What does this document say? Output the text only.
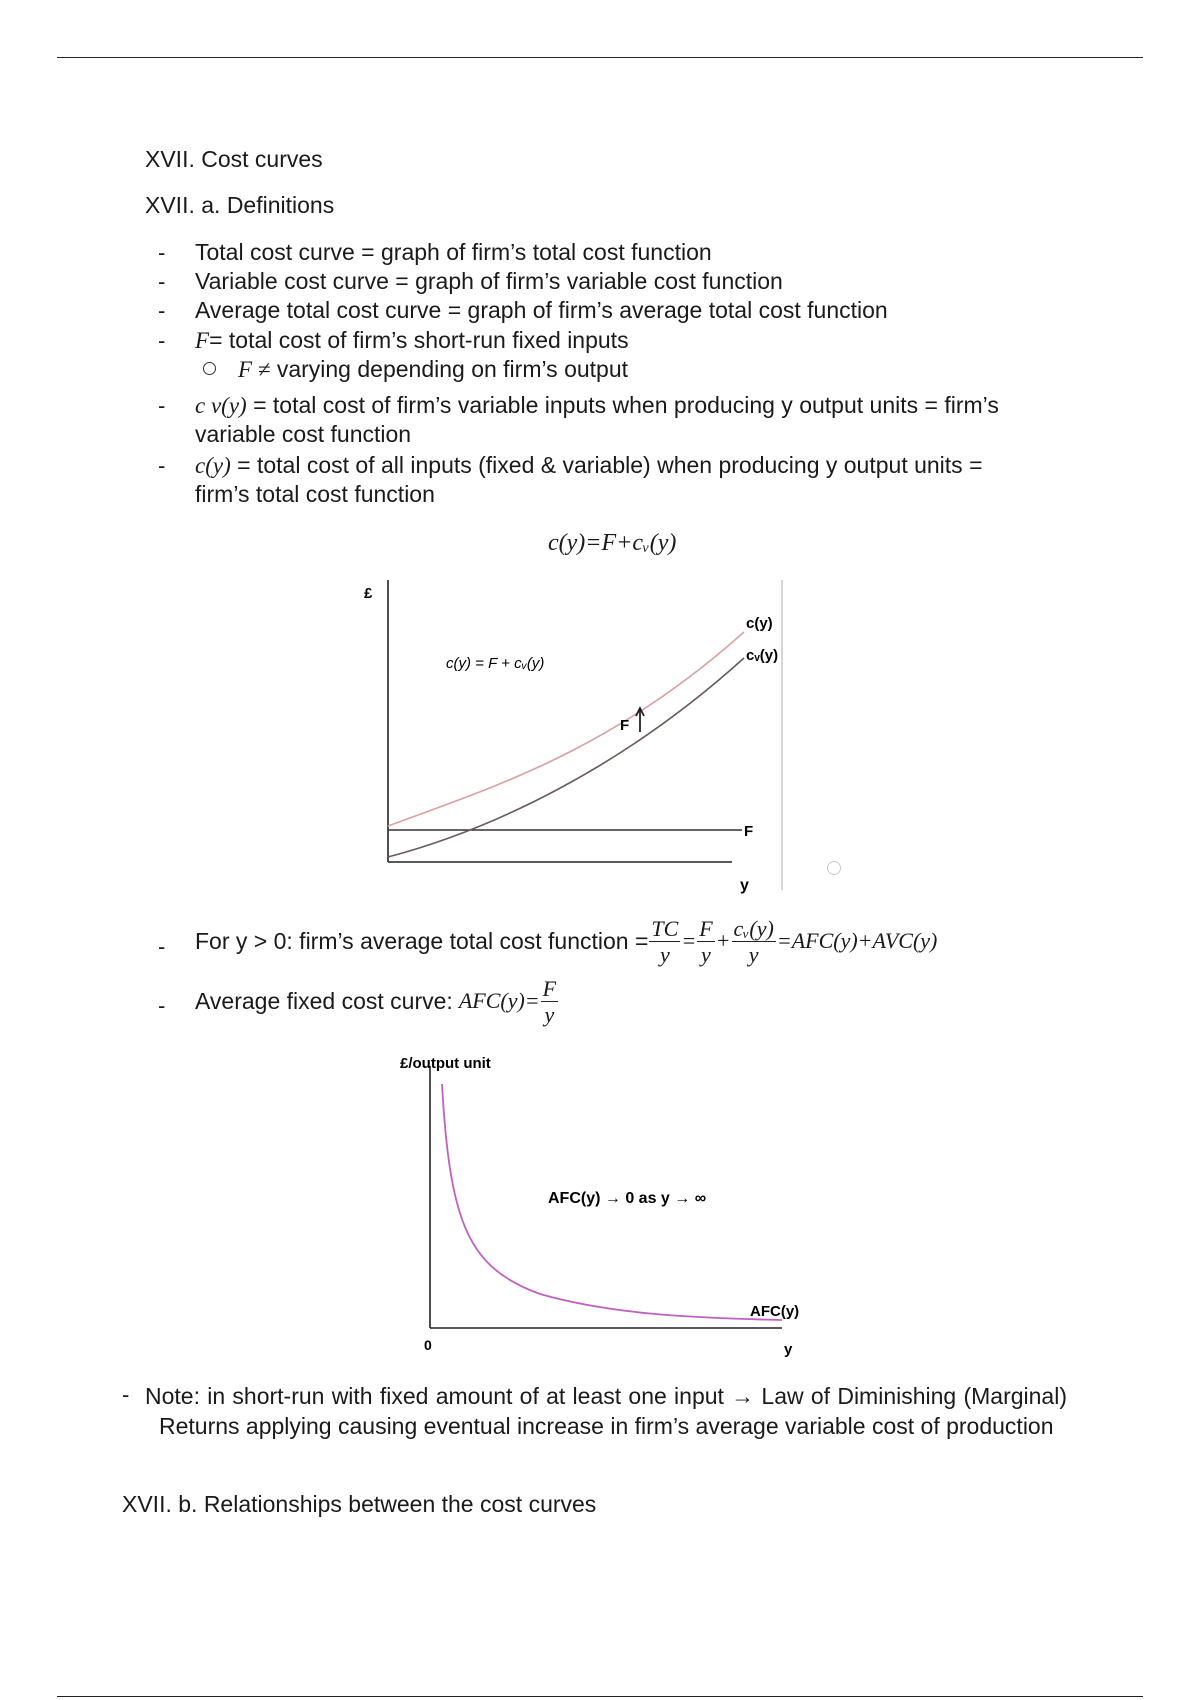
XVII. Cost curves
XVII. a. Definitions
- Total cost curve = graph of firm’s total cost function
- Variable cost curve = graph of firm’s variable cost function
- Average total cost curve = graph of firm’s average total cost function
- F= total cost of firm’s short-run fixed inputs
F ≠ varying depending on firm’s output
- c v(y) = total cost of firm’s variable inputs when producing y output units = firm’s
variable cost function
- c(y) = total cost of all inputs (fixed & variable) when producing y output units =
firm’s total cost function
c(y)=F+cᵥ(y)
£
y
c(y) = F + cᵥ(y)
c(y)
cᵥ(y)
F
F
- For y > 0: firm’s average total cost function = $\frac{TC}{y} = \frac{F}{y} + \frac{\text{cᵥ(y)}}{y} =AFC(y)+AVC(y)$
- Average fixed cost curve: $AFC(y)= \frac{F}{y}$
£/output unit
0	y
AFC(y) → 0 as y → ∞
AFC(y)
- Note: in short-run with fixed amount of at least one input → Law of Diminishing (Marginal) Returns applying causing eventual increase in firm’s average variable cost of production
XVII. b. Relationships between the cost curves
